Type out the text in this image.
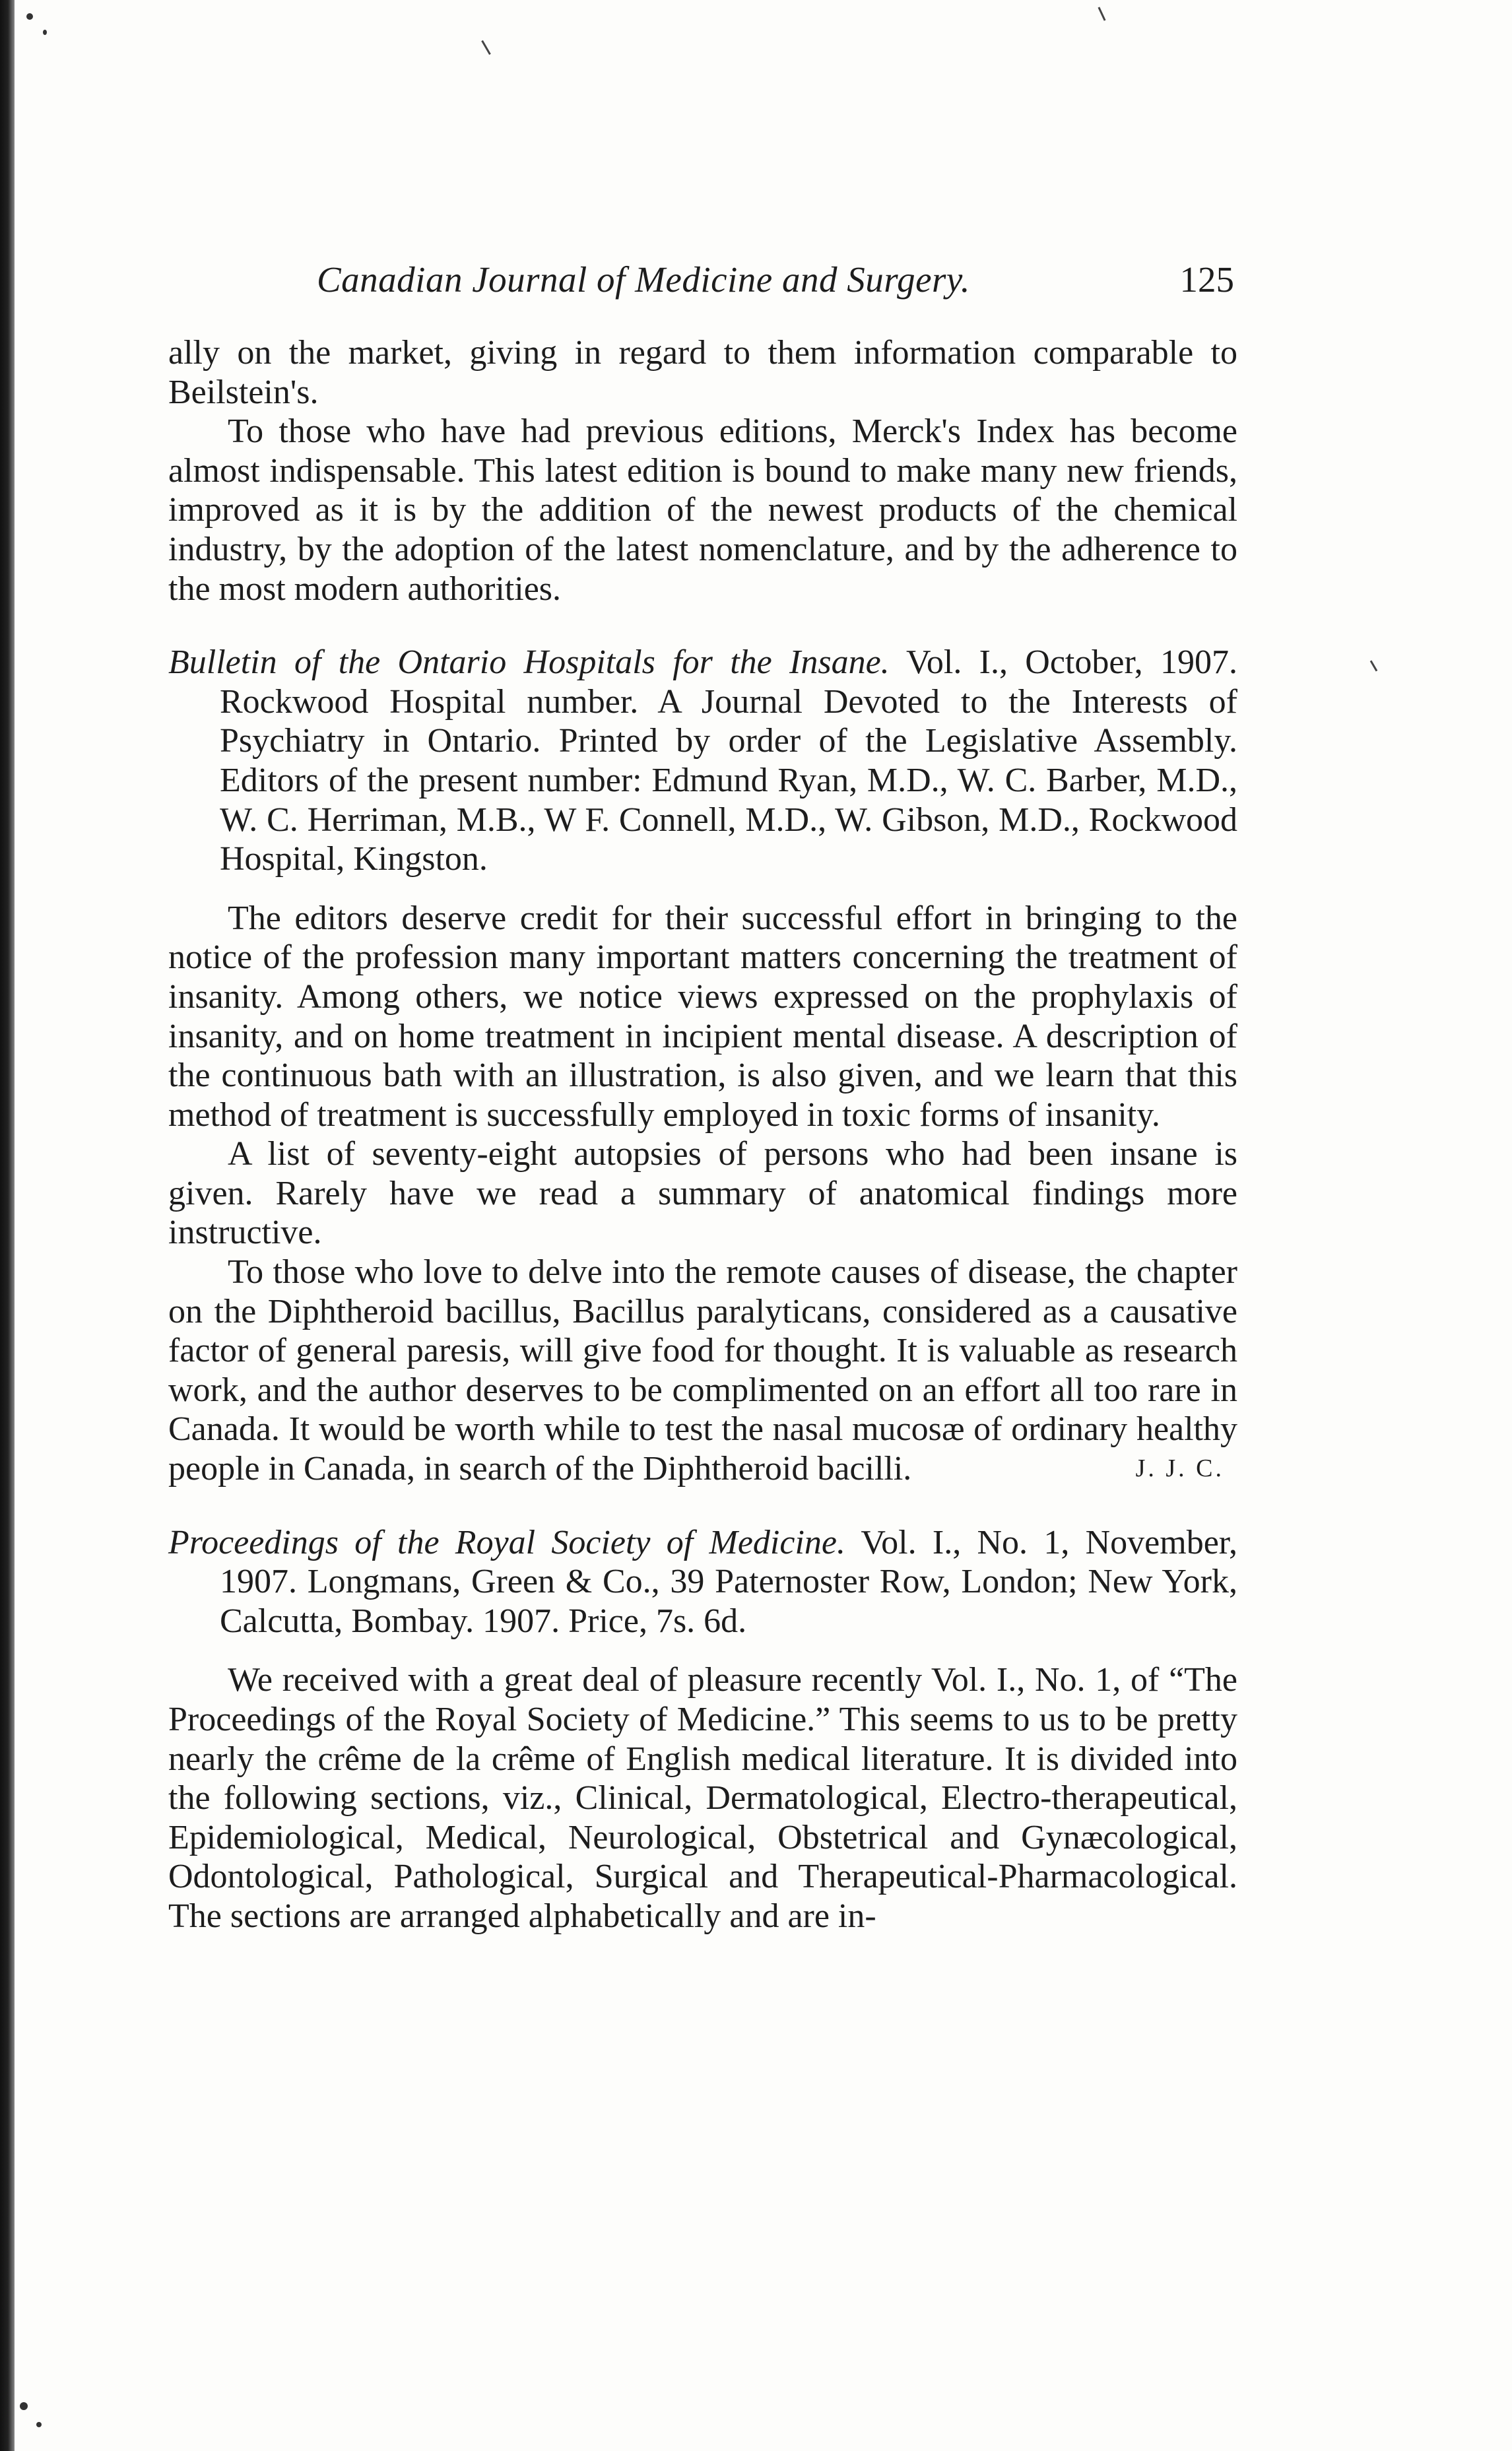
Canadian Journal of Medicine and Surgery.	125

ally on the market, giving in regard to them information comparable to Beilstein's.

To those who have had previous editions, Merck's Index has become almost indispensable. This latest edition is bound to make many new friends, improved as it is by the addition of the newest products of the chemical industry, by the adoption of the latest nomenclature, and by the adherence to the most modern authorities.

Bulletin of the Ontario Hospitals for the Insane. Vol. I., October, 1907. Rockwood Hospital number. A Journal Devoted to the Interests of Psychiatry in Ontario. Printed by order of the Legislative Assembly. Editors of the present number: Edmund Ryan, M.D., W. C. Barber, M.D., W. C. Herriman, M.B., W F. Connell, M.D., W. Gibson, M.D., Rockwood Hospital, Kingston.

The editors deserve credit for their successful effort in bringing to the notice of the profession many important matters concerning the treatment of insanity. Among others, we notice views expressed on the prophylaxis of insanity, and on home treatment in incipient mental disease. A description of the continuous bath with an illustration, is also given, and we learn that this method of treatment is successfully employed in toxic forms of insanity.

A list of seventy-eight autopsies of persons who had been insane is given. Rarely have we read a summary of anatomical findings more instructive.

To those who love to delve into the remote causes of disease, the chapter on the Diphtheroid bacillus, Bacillus paralyticans, considered as a causative factor of general paresis, will give food for thought. It is valuable as research work, and the author deserves to be complimented on an effort all too rare in Canada. It would be worth while to test the nasal mucosæ of ordinary healthy people in Canada, in search of the Diphtheroid bacilli.	J. J. C.

Proceedings of the Royal Society of Medicine. Vol. I., No. 1, November, 1907. Longmans, Green & Co., 39 Paternoster Row, London; New York, Calcutta, Bombay. 1907. Price, 7s. 6d.

We received with a great deal of pleasure recently Vol. I., No. 1, of “The Proceedings of the Royal Society of Medicine.” This seems to us to be pretty nearly the crême de la crême of English medical literature. It is divided into the following sections, viz., Clinical, Dermatological, Electro-therapeutical, Epidemiological, Medical, Neurological, Obstetrical and Gynæcological, Odontological, Pathological, Surgical and Therapeutical-Pharmacological. The sections are arranged alphabetically and are in-
